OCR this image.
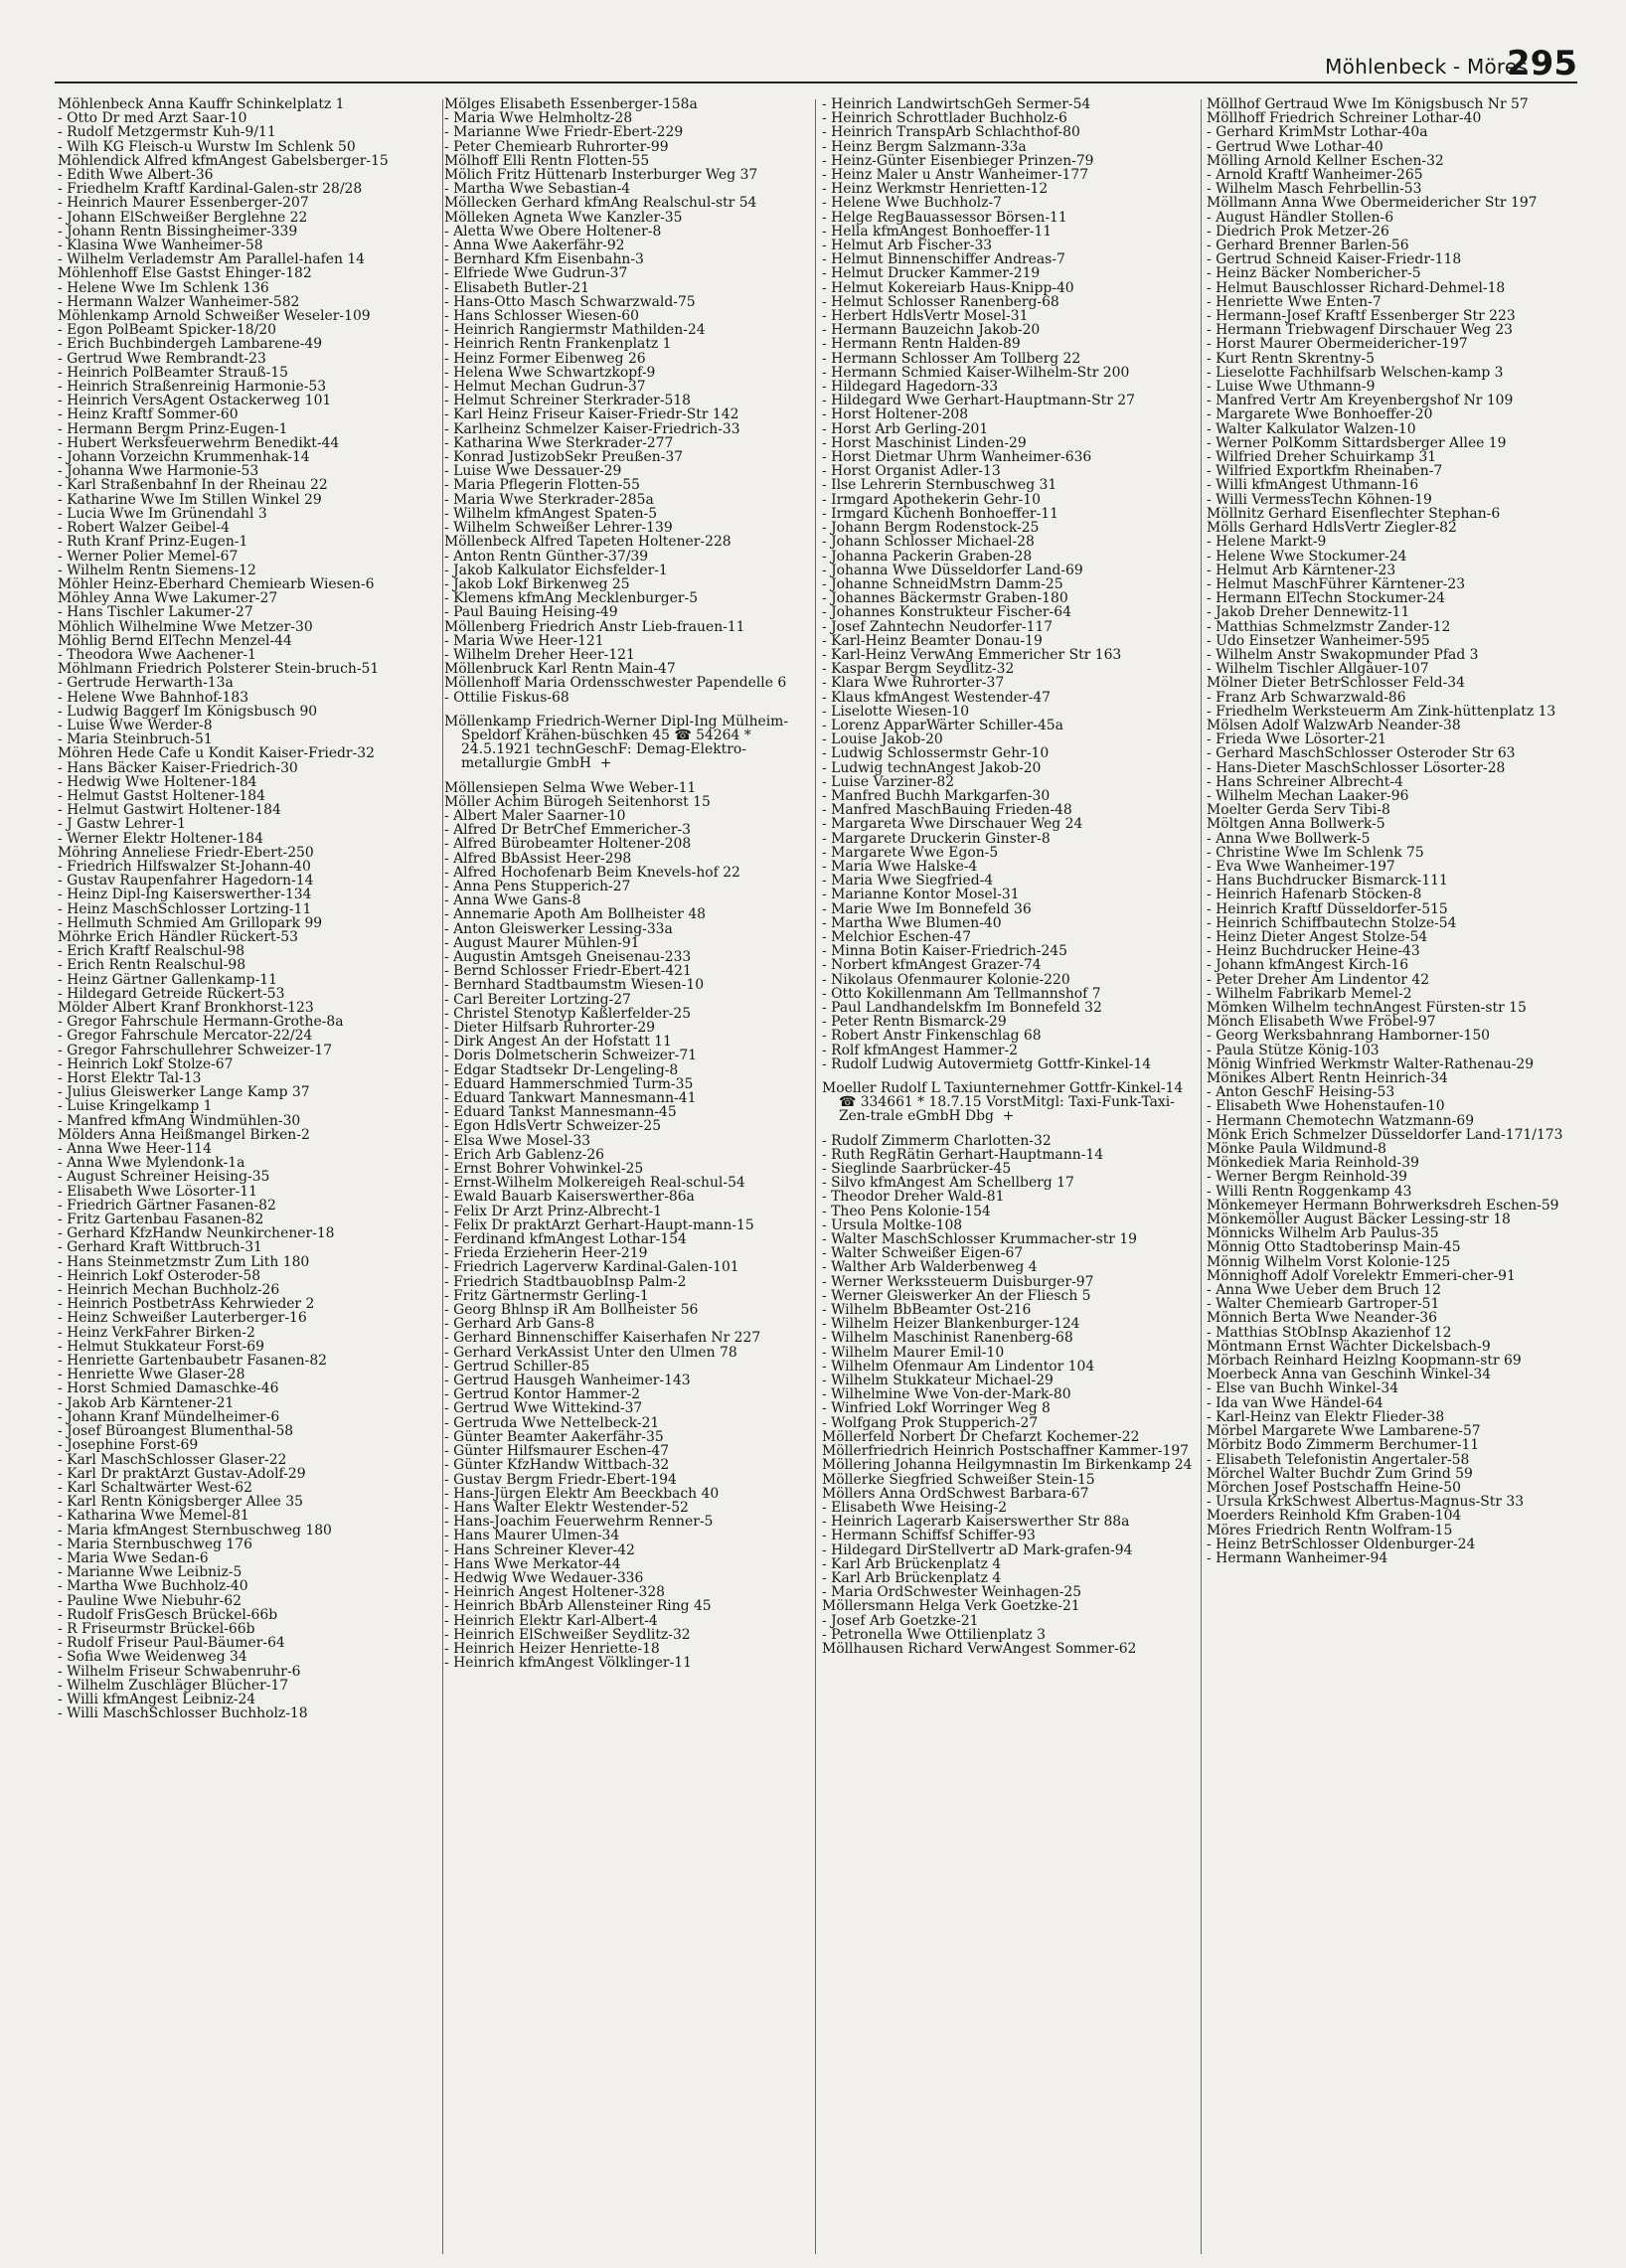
Möhlenbeck - Möres
295

Möhlenbeck Anna Kauffr Schinkelplatz 1

- Otto Dr med Arzt Saar-10

- Rudolf Metzgermstr Kuh-9/11

- Wilh KG Fleisch-u Wurstw Im Schlenk 50

Möhlendick Alfred kfmAngest Gabelsberger-15

- Edith Wwe Albert-36

- Friedhelm Kraftf Kardinal-Galen-str 28/28

- Heinrich Maurer Essenberger-207

- Johann ElSchweißer Berglehne 22

- Johann Rentn Bissingheimer-339

- Klasina Wwe Wanheimer-58

- Wilhelm Verlademstr Am Parallel-hafen 14

Möhlenhoff Else Gastst Ehinger-182

- Helene Wwe Im Schlenk 136

- Hermann Walzer Wanheimer-582

Möhlenkamp Arnold Schweißer Weseler-109

- Egon PolBeamt Spicker-18/20

- Erich Buchbindergeh Lambarene-49

- Gertrud Wwe Rembrandt-23

- Heinrich PolBeamter Strauß-15

- Heinrich Straßenreinig Harmonie-53

- Heinrich VersAgent Ostackerweg 101

- Heinz Kraftf Sommer-60

- Hermann Bergm Prinz-Eugen-1

- Hubert Werksfeuerwehrm Benedikt-44

- Johann Vorzeichn Krummenhak-14

- Johanna Wwe Harmonie-53

- Karl Straßenbahnf In der Rheinau 22

- Katharine Wwe Im Stillen Winkel 29

- Lucia Wwe Im Grünendahl 3

- Robert Walzer Geibel-4

- Ruth Kranf Prinz-Eugen-1

- Werner Polier Memel-67

- Wilhelm Rentn Siemens-12

Möhler Heinz-Eberhard Chemiearb Wiesen-6

Möhley Anna Wwe Lakumer-27

- Hans Tischler Lakumer-27

Möhlich Wilhelmine Wwe Metzer-30

Möhlig Bernd ElTechn Menzel-44

- Theodora Wwe Aachener-1

Möhlmann Friedrich Polsterer Stein-bruch-51

- Gertrude Herwarth-13a

- Helene Wwe Bahnhof-183

- Ludwig Baggerf Im Königsbusch 90

- Luise Wwe Werder-8

- Maria Steinbruch-51

Möhren Hede Cafe u Kondit Kaiser-Friedr-32

- Hans Bäcker Kaiser-Friedrich-30

- Hedwig Wwe Holtener-184

- Helmut Gastst Holtener-184

- Helmut Gastwirt Holtener-184

- J Gastw Lehrer-1

- Werner Elektr Holtener-184

Möhring Anneliese Friedr-Ebert-250

- Friedrich Hilfswalzer St-Johann-40

- Gustav Raupenfahrer Hagedorn-14

- Heinz Dipl-Ing Kaiserswerther-134

- Heinz MaschSchlosser Lortzing-11

- Hellmuth Schmied Am Grillopark 99

Möhrke Erich Händler Rückert-53

- Erich Kraftf Realschul-98

- Erich Rentn Realschul-98

- Heinz Gärtner Gallenkamp-11

- Hildegard Getreide Rückert-53

Mölder Albert Kranf Bronkhorst-123

- Gregor Fahrschule Hermann-Grothe-8a

- Gregor Fahrschule Mercator-22/24

- Gregor Fahrschullehrer Schweizer-17

- Heinrich Lokf Stolze-67

- Horst Elektr Tal-13

- Julius Gleiswerker Lange Kamp 37

- Luise Kringelkamp 1

- Manfred kfmAng Windmühlen-30

Mölders Anna Heißmangel Birken-2

- Anna Wwe Heer-114

- Anna Wwe Mylendonk-1a

- August Schreiner Heising-35

- Elisabeth Wwe Lösorter-11

- Friedrich Gärtner Fasanen-82

- Fritz Gartenbau Fasanen-82

- Gerhard KfzHandw Neunkirchener-18

- Gerhard Kraft Wittbruch-31

- Hans Steinmetzmstr Zum Lith 180

- Heinrich Lokf Osteroder-58

- Heinrich Mechan Buchholz-26

- Heinrich PostbetrAss Kehrwieder 2

- Heinz Schweißer Lauterberger-16

- Heinz VerkFahrer Birken-2

- Helmut Stukkateur Forst-69

- Henriette Gartenbaubetr Fasanen-82

- Henriette Wwe Glaser-28

- Horst Schmied Damaschke-46

- Jakob Arb Kärntener-21

- Johann Kranf Mündelheimer-6

- Josef Büroangest Blumenthal-58

- Josephine Forst-69

- Karl MaschSchlosser Glaser-22

- Karl Dr praktArzt Gustav-Adolf-29

- Karl Schaltwärter West-62

- Karl Rentn Königsberger Allee 35

- Katharina Wwe Memel-81

- Maria kfmAngest Sternbuschweg 180

- Maria Sternbuschweg 176

- Maria Wwe Sedan-6

- Marianne Wwe Leibniz-5

- Martha Wwe Buchholz-40

- Pauline Wwe Niebuhr-62

- Rudolf FrisGesch Brückel-66b

- R Friseurmstr Brückel-66b

- Rudolf Friseur Paul-Bäumer-64

- Sofia Wwe Weidenweg 34

- Wilhelm Friseur Schwabenruhr-6

- Wilhelm Zuschläger Blücher-17

- Willi kfmAngest Leibniz-24

- Willi MaschSchlosser Buchholz-18

Mölges Elisabeth Essenberger-158a

- Maria Wwe Helmholtz-28

- Marianne Wwe Friedr-Ebert-229

- Peter Chemiearb Ruhrorter-99

Mölhoff Elli Rentn Flotten-55

Mölich Fritz Hüttenarb Insterburger Weg 37

- Martha Wwe Sebastian-4

Möllecken Gerhard kfmAng Realschul-str 54

Mölleken Agneta Wwe Kanzler-35

- Aletta Wwe Obere Holtener-8

- Anna Wwe Aakerfähr-92

- Bernhard Kfm Eisenbahn-3

- Elfriede Wwe Gudrun-37

- Elisabeth Butler-21

- Hans-Otto Masch Schwarzwald-75

- Hans Schlosser Wiesen-60

- Heinrich Rangiermstr Mathilden-24

- Heinrich Rentn Frankenplatz 1

- Heinz Former Eibenweg 26

- Helena Wwe Schwartzkopf-9

- Helmut Mechan Gudrun-37

- Helmut Schreiner Sterkrader-518

- Karl Heinz Friseur Kaiser-Friedr-Str 142

- Karlheinz Schmelzer Kaiser-Friedrich-33

- Katharina Wwe Sterkrader-277

- Konrad JustizobSekr Preußen-37

- Luise Wwe Dessauer-29

- Maria Pflegerin Flotten-55

- Maria Wwe Sterkrader-285a

- Wilhelm kfmAngest Spaten-5

- Wilhelm Schweißer Lehrer-139

Möllenbeck Alfred Tapeten Holtener-228

- Anton Rentn Günther-37/39

- Jakob Kalkulator Eichsfelder-1

- Jakob Lokf Birkenweg 25

- Klemens kfmAng Mecklenburger-5

- Paul Bauing Heising-49

Möllenberg Friedrich Anstr Lieb-frauen-11

- Maria Wwe Heer-121

- Wilhelm Dreher Heer-121

Möllenbruck Karl Rentn Main-47

Möllenhoff Maria Ordensschwester Papendelle 6

- Ottilie Fiskus-68

Möllenkamp Friedrich-Werner Dipl-Ing Mülheim-Speldorf Krähen-büschken 45 ☎ 54264 * 24.5.1921 technGeschF: Demag-Elektro-metallurgie GmbH  +

Möllensiepen Selma Wwe Weber-11

Möller Achim Bürogeh Seitenhorst 15

- Albert Maler Saarner-10

- Alfred Dr BetrChef Emmericher-3

- Alfred Bürobeamter Holtener-208

- Alfred BbAssist Heer-298

- Alfred Hochofenarb Beim Knevels-hof 22

- Anna Pens Stupperich-27

- Anna Wwe Gans-8

- Annemarie Apoth Am Bollheister 48

- Anton Gleiswerker Lessing-33a

- August Maurer Mühlen-91

- Augustin Amtsgeh Gneisenau-233

- Bernd Schlosser Friedr-Ebert-421

- Bernhard Stadtbaumstm Wiesen-10

- Carl Bereiter Lortzing-27

- Christel Stenotyp Kaßlerfelder-25

- Dieter Hilfsarb Ruhrorter-29

- Dirk Angest An der Hofstatt 11

- Doris Dolmetscherin Schweizer-71

- Edgar Stadtsekr Dr-Lengeling-8

- Eduard Hammerschmied Turm-35

- Eduard Tankwart Mannesmann-41

- Eduard Tankst Mannesmann-45

- Egon HdlsVertr Schweizer-25

- Elsa Wwe Mosel-33

- Erich Arb Gablenz-26

- Ernst Bohrer Vohwinkel-25

- Ernst-Wilhelm Molkereigeh Real-schul-54

- Ewald Bauarb Kaiserswerther-86a

- Felix Dr Arzt Prinz-Albrecht-1

- Felix Dr praktArzt Gerhart-Haupt-mann-15

- Ferdinand kfmAngest Lothar-154

- Frieda Erzieherin Heer-219

- Friedrich Lagerverw Kardinal-Galen-101

- Friedrich StadtbauobInsp Palm-2

- Fritz Gärtnermstr Gerling-1

- Georg Bhlnsp iR Am Bollheister 56

- Gerhard Arb Gans-8

- Gerhard Binnenschiffer Kaiserhafen Nr 227

- Gerhard VerkAssist Unter den Ulmen 78

- Gertrud Schiller-85

- Gertrud Hausgeh Wanheimer-143

- Gertrud Kontor Hammer-2

- Gertrud Wwe Wittekind-37

- Gertruda Wwe Nettelbeck-21

- Günter Beamter Aakerfähr-35

- Günter Hilfsmaurer Eschen-47

- Günter KfzHandw Wittbach-32

- Gustav Bergm Friedr-Ebert-194

- Hans-Jürgen Elektr Am Beeckbach 40

- Hans Walter Elektr Westender-52

- Hans-Joachim Feuerwehrm Renner-5

- Hans Maurer Ulmen-34

- Hans Schreiner Klever-42

- Hans Wwe Merkator-44

- Hedwig Wwe Wedauer-336

- Heinrich Angest Holtener-328

- Heinrich BbArb Allensteiner Ring 45

- Heinrich Elektr Karl-Albert-4

- Heinrich ElSchweißer Seydlitz-32

- Heinrich Heizer Henriette-18

- Heinrich kfmAngest Völklinger-11

- Heinrich LandwirtschGeh Sermer-54

- Heinrich Schrottlader Buchholz-6

- Heinrich TranspArb Schlachthof-80

- Heinz Bergm Salzmann-33a

- Heinz-Günter Eisenbieger Prinzen-79

- Heinz Maler u Anstr Wanheimer-177

- Heinz Werkmstr Henrietten-12

- Helene Wwe Buchholz-7

- Helge RegBauassessor Börsen-11

- Hella kfmAngest Bonhoeffer-11

- Helmut Arb Fischer-33

- Helmut Binnenschiffer Andreas-7

- Helmut Drucker Kammer-219

- Helmut Kokereiarb Haus-Knipp-40

- Helmut Schlosser Ranenberg-68

- Herbert HdlsVertr Mosel-31

- Hermann Bauzeichn Jakob-20

- Hermann Rentn Halden-89

- Hermann Schlosser Am Tollberg 22

- Hermann Schmied Kaiser-Wilhelm-Str 200

- Hildegard Hagedorn-33

- Hildegard Wwe Gerhart-Hauptmann-Str 27

- Horst Holtener-208

- Horst Arb Gerling-201

- Horst Maschinist Linden-29

- Horst Dietmar Uhrm Wanheimer-636

- Horst Organist Adler-13

- Ilse Lehrerin Sternbuschweg 31

- Irmgard Apothekerin Gehr-10

- Irmgard Küchenh Bonhoeffer-11

- Johann Bergm Rodenstock-25

- Johann Schlosser Michael-28

- Johanna Packerin Graben-28

- Johanna Wwe Düsseldorfer Land-69

- Johanne SchneidMstrn Damm-25

- Johannes Bäckermstr Graben-180

- Johannes Konstrukteur Fischer-64

- Josef Zahntechn Neudorfer-117

- Karl-Heinz Beamter Donau-19

- Karl-Heinz VerwAng Emmericher Str 163

- Kaspar Bergm Seydlitz-32

- Klara Wwe Ruhrorter-37

- Klaus kfmAngest Westender-47

- Liselotte Wiesen-10

- Lorenz ApparWärter Schiller-45a

- Louise Jakob-20

- Ludwig Schlossermstr Gehr-10

- Ludwig technAngest Jakob-20

- Luise Varziner-82

- Manfred Buchh Markgarfen-30

- Manfred MaschBauing Frieden-48

- Margareta Wwe Dirschauer Weg 24

- Margarete Druckerin Ginster-8

- Margarete Wwe Egon-5

- Maria Wwe Halske-4

- Maria Wwe Siegfried-4

- Marianne Kontor Mosel-31

- Marie Wwe Im Bonnefeld 36

- Martha Wwe Blumen-40

- Melchior Eschen-47

- Minna Botin Kaiser-Friedrich-245

- Norbert kfmAngest Grazer-74

- Nikolaus Ofenmaurer Kolonie-220

- Otto Kokillenmann Am Tellmannshof 7

- Paul Landhandelskfm Im Bonnefeld 32

- Peter Rentn Bismarck-29

- Robert Anstr Finkenschlag 68

- Rolf kfmAngest Hammer-2

- Rudolf Ludwig Autovermietg Gottfr-Kinkel-14

Moeller Rudolf L Taxiunternehmer Gottfr-Kinkel-14 ☎ 334661 * 18.7.15 VorstMitgl: Taxi-Funk-Taxi-Zen-trale eGmbH Dbg  +

- Rudolf Zimmerm Charlotten-32

- Ruth RegRätin Gerhart-Hauptmann-14

- Sieglinde Saarbrücker-45

- Silvo kfmAngest Am Schellberg 17

- Theodor Dreher Wald-81

- Theo Pens Kolonie-154

- Ursula Moltke-108

- Walter MaschSchlosser Krummacher-str 19

- Walter Schweißer Eigen-67

- Walther Arb Walderbenweg 4

- Werner Werkssteuerm Duisburger-97

- Werner Gleiswerker An der Fliesch 5

- Wilhelm BbBeamter Ost-216

- Wilhelm Heizer Blankenburger-124

- Wilhelm Maschinist Ranenberg-68

- Wilhelm Maurer Emil-10

- Wilhelm Ofenmaur Am Lindentor 104

- Wilhelm Stukkateur Michael-29

- Wilhelmine Wwe Von-der-Mark-80

- Winfried Lokf Worringer Weg 8

- Wolfgang Prok Stupperich-27

Möllerfeld Norbert Dr Chefarzt Kochemer-22

Möllerfriedrich Heinrich Postschaffner Kammer-197

Möllering Johanna Heilgymnastin Im Birkenkamp 24

Möllerke Siegfried Schweißer Stein-15

Möllers Anna OrdSchwest Barbara-67

- Elisabeth Wwe Heising-2

- Heinrich Lagerarb Kaiserswerther Str 88a

- Hermann Schiffsf Schiffer-93

- Hildegard DirStellvertr aD Mark-grafen-94

- Karl Arb Brückenplatz 4

- Karl Arb Brückenplatz 4

- Maria OrdSchwester Weinhagen-25

Möllersmann Helga Verk Goetzke-21

- Josef Arb Goetzke-21

- Petronella Wwe Ottilienplatz 3

Möllhausen Richard VerwAngest Sommer-62

Möllhof Gertraud Wwe Im Königsbusch Nr 57

Möllhoff Friedrich Schreiner Lothar-40

- Gerhard KrimMstr Lothar-40a

- Gertrud Wwe Lothar-40

Mölling Arnold Kellner Eschen-32

- Arnold Kraftf Wanheimer-265

- Wilhelm Masch Fehrbellin-53

Möllmann Anna Wwe Obermeidericher Str 197

- August Händler Stollen-6

- Diedrich Prok Metzer-26

- Gerhard Brenner Barlen-56

- Gertrud Schneid Kaiser-Friedr-118

- Heinz Bäcker Nombericher-5

- Helmut Bauschlosser Richard-Dehmel-18

- Henriette Wwe Enten-7

- Hermann-Josef Kraftf Essenberger Str 223

- Hermann Triebwagenf Dirschauer Weg 23

- Horst Maurer Obermeidericher-197

- Kurt Rentn Skrentny-5

- Lieselotte Fachhilfsarb Welschen-kamp 3

- Luise Wwe Uthmann-9

- Manfred Vertr Am Kreyenbergshof Nr 109

- Margarete Wwe Bonhoeffer-20

- Walter Kalkulator Walzen-10

- Werner PolKomm Sittardsberger Allee 19

- Wilfried Dreher Schuirkamp 31

- Wilfried Exportkfm Rheinaben-7

- Willi kfmAngest Uthmann-16

- Willi VermessTechn Köhnen-19

Möllnitz Gerhard Eisenflechter Stephan-6

Mölls Gerhard HdlsVertr Ziegler-82

- Helene Markt-9

- Helene Wwe Stockumer-24

- Helmut Arb Kärntener-23

- Helmut MaschFührer Kärntener-23

- Hermann ElTechn Stockumer-24

- Jakob Dreher Dennewitz-11

- Matthias Schmelzmstr Zander-12

- Udo Einsetzer Wanheimer-595

- Wilhelm Anstr Swakopmunder Pfad 3

- Wilhelm Tischler Allgäuer-107

Mölner Dieter BetrSchlosser Feld-34

- Franz Arb Schwarzwald-86

- Friedhelm Werksteuerm Am Zink-hüttenplatz 13

Mölsen Adolf WalzwArb Neander-38

- Frieda Wwe Lösorter-21

- Gerhard MaschSchlosser Osteroder Str 63

- Hans-Dieter MaschSchlosser Lösorter-28

- Hans Schreiner Albrecht-4

- Wilhelm Mechan Laaker-96

Moelter Gerda Serv Tibi-8

Möltgen Anna Bollwerk-5

- Anna Wwe Bollwerk-5

- Christine Wwe Im Schlenk 75

- Eva Wwe Wanheimer-197

- Hans Buchdrucker Bismarck-111

- Heinrich Hafenarb Stöcken-8

- Heinrich Kraftf Düsseldorfer-515

- Heinrich Schiffbautechn Stolze-54

- Heinz Dieter Angest Stolze-54

- Heinz Buchdrucker Heine-43

- Johann kfmAngest Kirch-16

- Peter Dreher Am Lindentor 42

- Wilhelm Fabrikarb Memel-2

Mömken Wilhelm technAngest Fürsten-str 15

Mönch Elisabeth Wwe Fröbel-97

- Georg Werksbahnrang Hamborner-150

- Paula Stütze König-103

Mönig Winfried Werkmstr Walter-Rathenau-29

Mönikes Albert Rentn Heinrich-34

- Anton GeschF Heising-53

- Elisabeth Wwe Hohenstaufen-10

- Hermann Chemotechn Watzmann-69

Mönk Erich Schmelzer Düsseldorfer Land-171/173

Mönke Paula Wildmund-8

Mönkediek Maria Reinhold-39

- Werner Bergm Reinhold-39

- Willi Rentn Roggenkamp 43

Mönkemeyer Hermann Bohrwerksdreh Eschen-59

Mönkemöller August Bäcker Lessing-str 18

Mönnicks Wilhelm Arb Paulus-35

Mönnig Otto Stadtoberinsp Main-45

Mönnig Wilhelm Vorst Kolonie-125

Mönnighoff Adolf Vorelektr Emmeri-cher-91

- Anna Wwe Ueber dem Bruch 12

- Walter Chemiearb Gartroper-51

Mönnich Berta Wwe Neander-36

- Matthias StObInsp Akazienhof 12

Möntmann Ernst Wächter Dickelsbach-9

Mörbach Reinhard Heizlng Koopmann-str 69

Moerbeck Anna van Geschinh Winkel-34

- Else van Buchh Winkel-34

- Ida van Wwe Händel-64

- Karl-Heinz van Elektr Flieder-38

Mörbel Margarete Wwe Lambarene-57

Mörbitz Bodo Zimmerm Berchumer-11

- Elisabeth Telefonistin Angertaler-58

Mörchel Walter Buchdr Zum Grind 59

Mörchen Josef Postschaffn Heine-50

- Ursula KrkSchwest Albertus-Magnus-Str 33

Moerders Reinhold Kfm Graben-104

Möres Friedrich Rentn Wolfram-15

- Heinz BetrSchlosser Oldenburger-24

- Hermann Wanheimer-94
